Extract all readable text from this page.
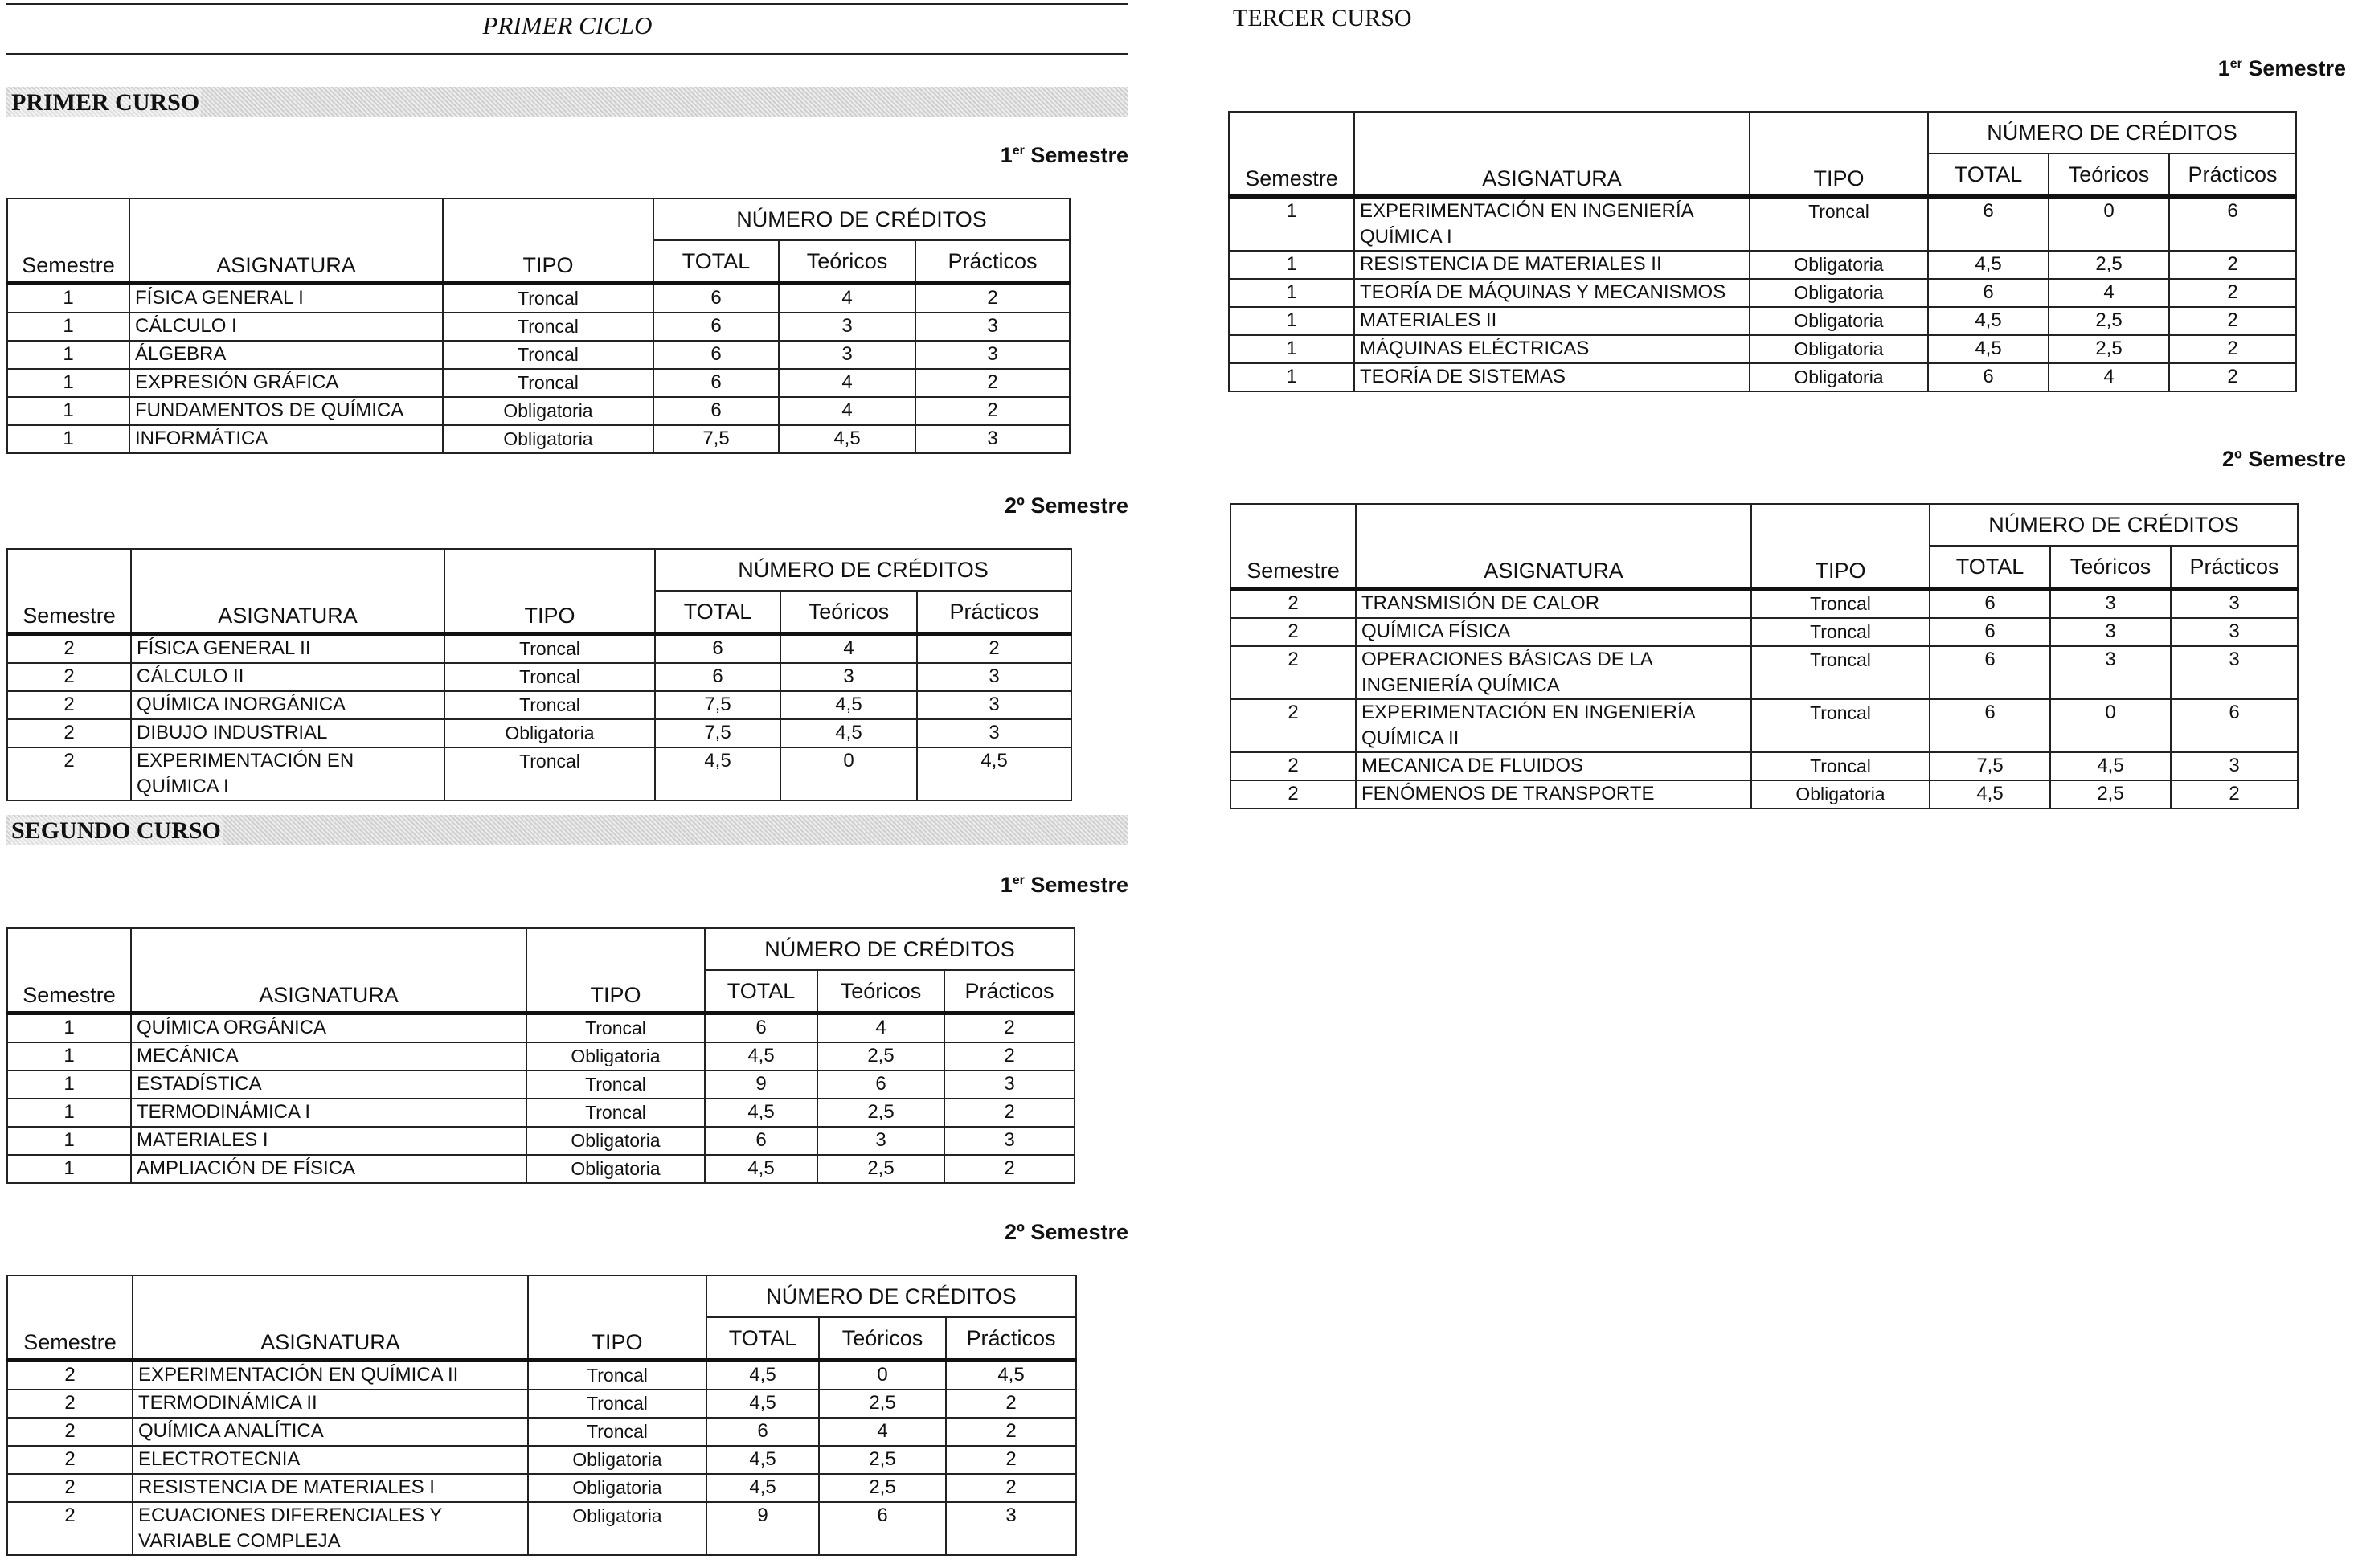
PRIMER CICLO
PRIMER CURSO
1er Semestre
Semestre	ASIGNATURA	TIPO	NÚMERO DE CRÉDITOS		
			TOTAL	Teóricos	Prácticos
1	FÍSICA GENERAL I	Troncal	6	4	2
1	CÁLCULO I	Troncal	6	3	3
1	ÁLGEBRA	Troncal	6	3	3
1	EXPRESIÓN GRÁFICA	Troncal	6	4	2
1	FUNDAMENTOS DE QUÍMICA	Obligatoria	6	4	2
1	INFORMÁTICA	Obligatoria	7,5	4,5	3
2º Semestre
Semestre	ASIGNATURA	TIPO	NÚMERO DE CRÉDITOS		
			TOTAL	Teóricos	Prácticos
2	FÍSICA GENERAL II	Troncal	6	4	2
2	CÁLCULO II	Troncal	6	3	3
2	QUÍMICA INORGÁNICA	Troncal	7,5	4,5	3
2	DIBUJO INDUSTRIAL	Obligatoria	7,5	4,5	3
2	EXPERIMENTACIÓN EN QUÍMICA I	Troncal	4,5	0	4,5
SEGUNDO CURSO
1er Semestre
Semestre	ASIGNATURA	TIPO	NÚMERO DE CRÉDITOS		
			TOTAL	Teóricos	Prácticos
1	QUÍMICA ORGÁNICA	Troncal	6	4	2
1	MECÁNICA	Obligatoria	4,5	2,5	2
1	ESTADÍSTICA	Troncal	9	6	3
1	TERMODINÁMICA I	Troncal	4,5	2,5	2
1	MATERIALES I	Obligatoria	6	3	3
1	AMPLIACIÓN DE FÍSICA	Obligatoria	4,5	2,5	2
2º Semestre
Semestre	ASIGNATURA	TIPO	NÚMERO DE CRÉDITOS		
			TOTAL	Teóricos	Prácticos
2	EXPERIMENTACIÓN EN QUÍMICA II	Troncal	4,5	0	4,5
2	TERMODINÁMICA II	Troncal	4,5	2,5	2
2	QUÍMICA ANALÍTICA	Troncal	6	4	2
2	ELECTROTECNIA	Obligatoria	4,5	2,5	2
2	RESISTENCIA DE MATERIALES I	Obligatoria	4,5	2,5	2
2	ECUACIONES DIFERENCIALES Y VARIABLE COMPLEJA	Obligatoria	9	6	3
TERCER CURSO
1er Semestre
Semestre	ASIGNATURA	TIPO	NÚMERO DE CRÉDITOS		
			TOTAL	Teóricos	Prácticos
1	EXPERIMENTACIÓN EN INGENIERÍA QUÍMICA I	Troncal	6	0	6
1	RESISTENCIA DE MATERIALES II	Obligatoria	4,5	2,5	2
1	TEORÍA DE MÁQUINAS Y MECANISMOS	Obligatoria	6	4	2
1	MATERIALES II	Obligatoria	4,5	2,5	2
1	MÁQUINAS ELÉCTRICAS	Obligatoria	4,5	2,5	2
1	TEORÍA DE SISTEMAS	Obligatoria	6	4	2
2º Semestre
Semestre	ASIGNATURA	TIPO	NÚMERO DE CRÉDITOS		
			TOTAL	Teóricos	Prácticos
2	TRANSMISIÓN DE CALOR	Troncal	6	3	3
2	QUÍMICA FÍSICA	Troncal	6	3	3
2	OPERACIONES BÁSICAS DE LA INGENIERÍA QUÍMICA	Troncal	6	3	3
2	EXPERIMENTACIÓN EN INGENIERÍA QUÍMICA II	Troncal	6	0	6
2	MECANICA DE FLUIDOS	Troncal	7,5	4,5	3
2	FENÓMENOS DE TRANSPORTE	Obligatoria	4,5	2,5	2
